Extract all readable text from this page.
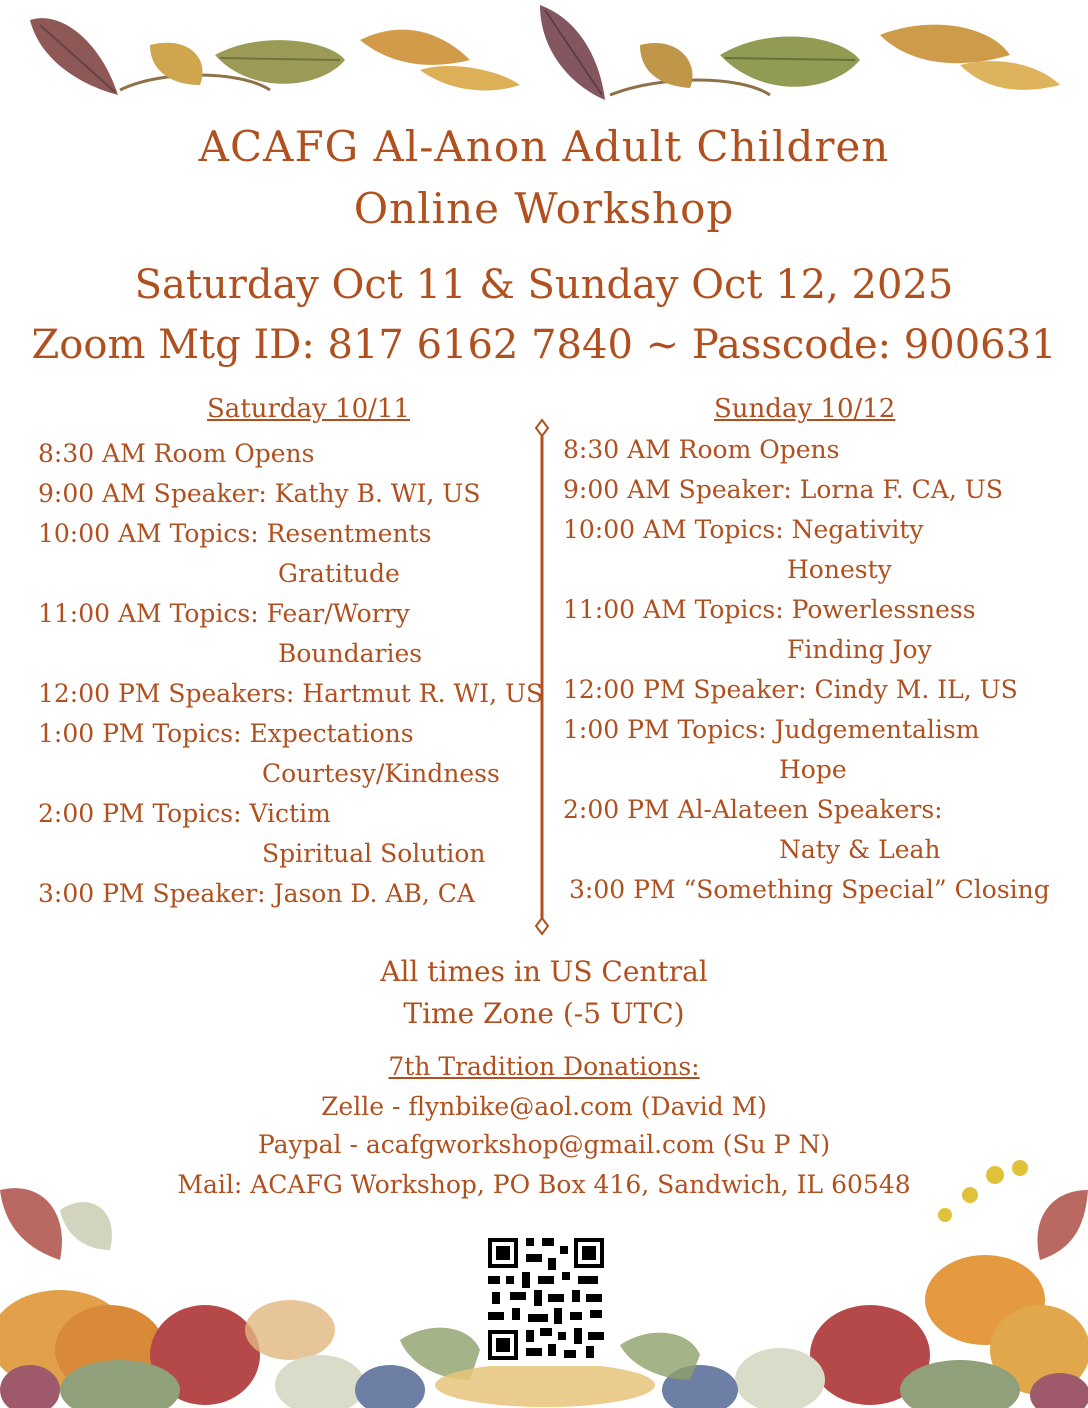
ACAFG Al-Anon Adult Children
Online Workshop
Saturday Oct 11 & Sunday Oct 12, 2025
Zoom Mtg ID: 817 6162 7840 ~ Passcode: 900631
Saturday 10/11
8:30 AM Room Opens
9:00 AM Speaker: Kathy B. WI, US
10:00 AM Topics: Resentments
Gratitude
11:00 AM Topics: Fear/Worry
Boundaries
12:00 PM Speakers: Hartmut R. WI, US
1:00 PM Topics: Expectations
Courtesy/Kindness
2:00 PM Topics: Victim
Spiritual Solution
3:00 PM Speaker: Jason D. AB, CA
Sunday 10/12
8:30 AM Room Opens
9:00 AM Speaker: Lorna F. CA, US
10:00 AM Topics: Negativity
Honesty
11:00 AM Topics: Powerlessness
Finding Joy
12:00 PM Speaker: Cindy M. IL, US
1:00 PM Topics: Judgementalism
Hope
2:00 PM Al-Alateen Speakers:
Naty & Leah
3:00 PM “Something Special” Closing
All times in US Central
Time Zone (-5 UTC)
7th Tradition Donations:
Zelle - flynbike@aol.com (David M)
Paypal - acafgworkshop@gmail.com (Su P N)
Mail: ACAFG Workshop, PO Box 416, Sandwich, IL 60548
